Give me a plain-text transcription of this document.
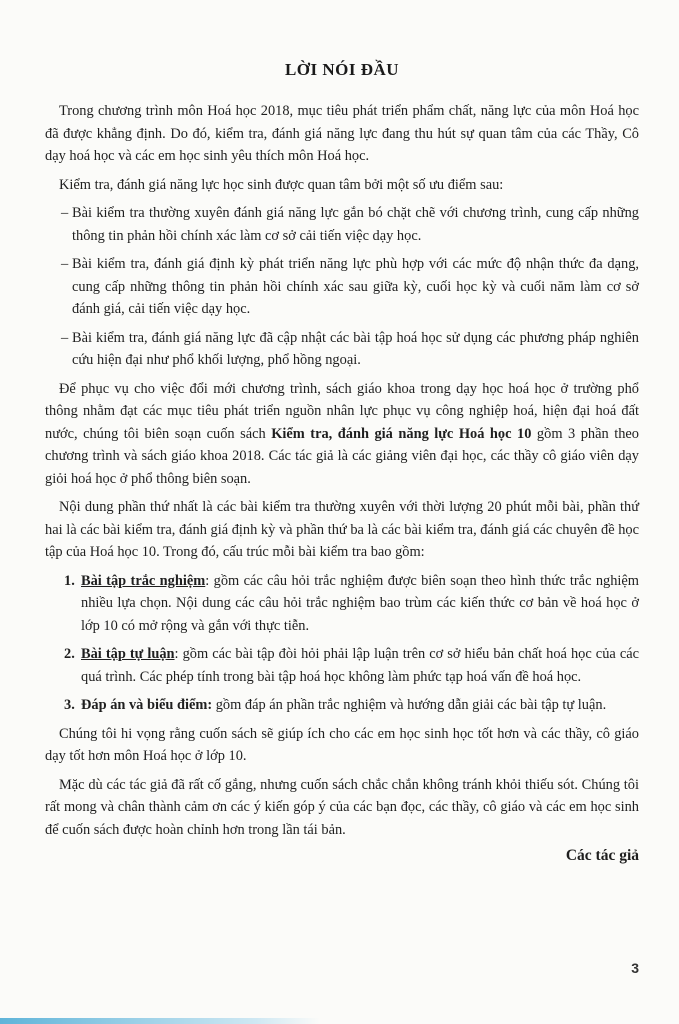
LỜI NÓI ĐẦU

Trong chương trình môn Hoá học 2018, mục tiêu phát triển phẩm chất, năng lực của môn Hoá học đã được khẳng định. Do đó, kiểm tra, đánh giá năng lực đang thu hút sự quan tâm của các Thầy, Cô dạy hoá học và các em học sinh yêu thích môn Hoá học.

Kiểm tra, đánh giá năng lực học sinh được quan tâm bởi một số ưu điểm sau:

– Bài kiểm tra thường xuyên đánh giá năng lực gắn bó chặt chẽ với chương trình, cung cấp những thông tin phản hồi chính xác làm cơ sở cải tiến việc dạy học.
– Bài kiểm tra, đánh giá định kỳ phát triển năng lực phù hợp với các mức độ nhận thức đa dạng, cung cấp những thông tin phản hồi chính xác sau giữa kỳ, cuối học kỳ và cuối năm làm cơ sở đánh giá, cải tiến việc dạy học.
– Bài kiểm tra, đánh giá năng lực đã cập nhật các bài tập hoá học sử dụng các phương pháp nghiên cứu hiện đại như phổ khối lượng, phổ hồng ngoại.

Để phục vụ cho việc đổi mới chương trình, sách giáo khoa trong dạy học hoá học ở trường phổ thông nhằm đạt các mục tiêu phát triển nguồn nhân lực phục vụ công nghiệp hoá, hiện đại hoá đất nước, chúng tôi biên soạn cuốn sách Kiểm tra, đánh giá năng lực Hoá học 10 gồm 3 phần theo chương trình và sách giáo khoa 2018. Các tác giả là các giảng viên đại học, các thầy cô giáo viên dạy giỏi hoá học ở phổ thông biên soạn.

Nội dung phần thứ nhất là các bài kiểm tra thường xuyên với thời lượng 20 phút mỗi bài, phần thứ hai là các bài kiểm tra, đánh giá định kỳ và phần thứ ba là các bài kiểm tra, đánh giá các chuyên đề học tập của Hoá học 10. Trong đó, cấu trúc mỗi bài kiểm tra bao gồm:

1. Bài tập trắc nghiệm: gồm các câu hỏi trắc nghiệm được biên soạn theo hình thức trắc nghiệm nhiều lựa chọn. Nội dung các câu hỏi trắc nghiệm bao trùm các kiến thức cơ bản về hoá học ở lớp 10 có mở rộng và gắn với thực tiễn.
2. Bài tập tự luận: gồm các bài tập đòi hỏi phải lập luận trên cơ sở hiểu bản chất hoá học của các quá trình. Các phép tính trong bài tập hoá học không làm phức tạp hoá vấn đề hoá học.
3. Đáp án và biểu điểm: gồm đáp án phần trắc nghiệm và hướng dẫn giải các bài tập tự luận.

Chúng tôi hi vọng rằng cuốn sách sẽ giúp ích cho các em học sinh học tốt hơn và các thầy, cô giáo dạy tốt hơn môn Hoá học ở lớp 10.

Mặc dù các tác giả đã rất cố gắng, nhưng cuốn sách chắc chắn không tránh khỏi thiếu sót. Chúng tôi rất mong và chân thành cảm ơn các ý kiến góp ý của các bạn đọc, các thầy, cô giáo và các em học sinh để cuốn sách được hoàn chỉnh hơn trong lần tái bản.

Các tác giả

3
